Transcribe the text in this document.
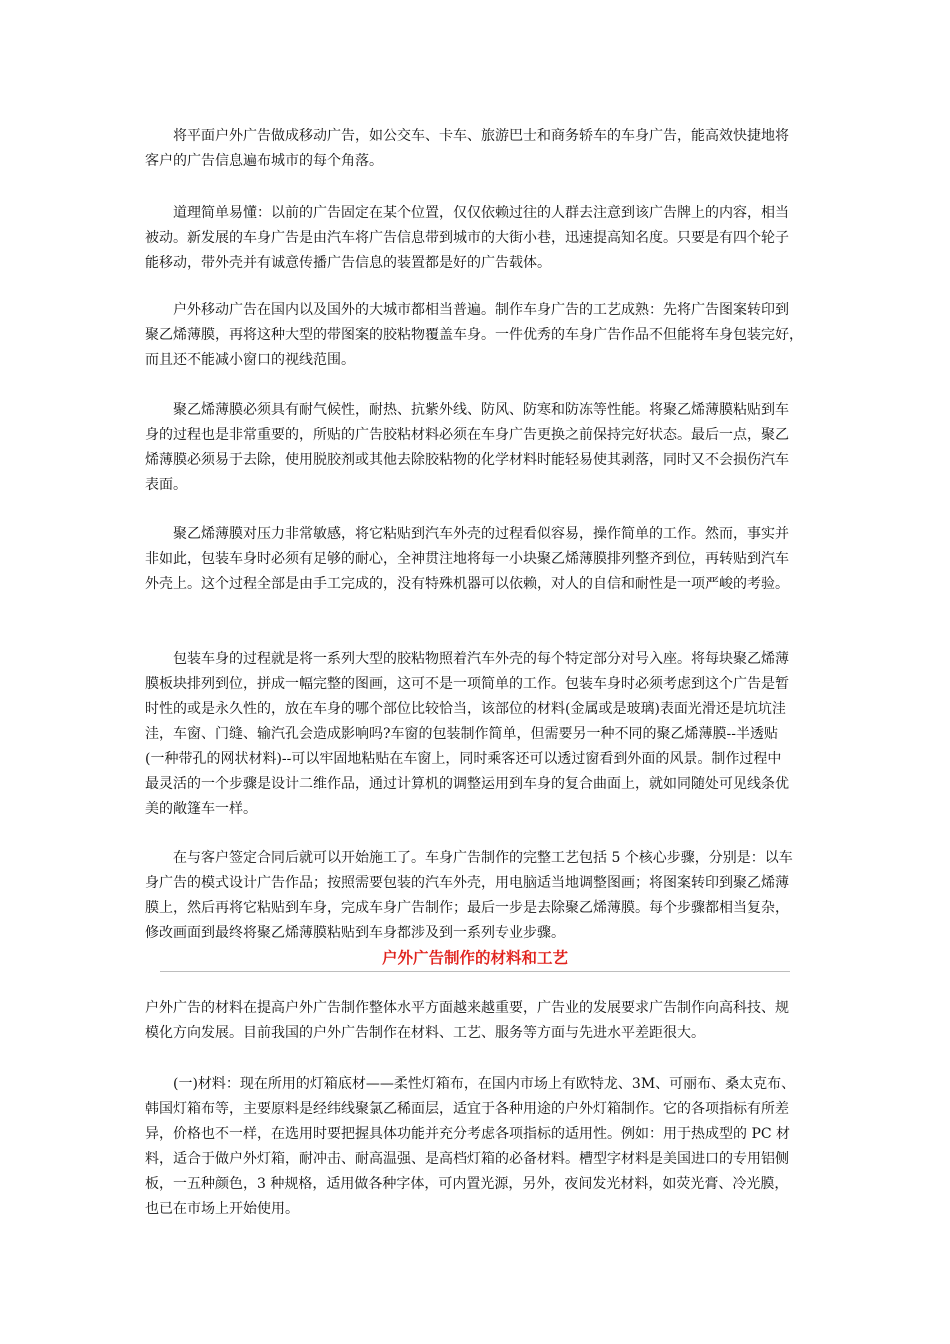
　　将平面户外广告做成移动广告，如公交车、卡车、旅游巴士和商务轿车的车身广告，能高效快捷地将

客户的广告信息遍布城市的每个角落。

　　道理简单易懂：以前的广告固定在某个位置，仅仅依赖过往的人群去注意到该广告牌上的内容，相当

被动。新发展的车身广告是由汽车将广告信息带到城市的大街小巷，迅速提高知名度。只要是有四个轮子

能移动，带外壳并有诚意传播广告信息的装置都是好的广告载体。

　　户外移动广告在国内以及国外的大城市都相当普遍。制作车身广告的工艺成熟：先将广告图案转印到

聚乙烯薄膜，再将这种大型的带图案的胶粘物覆盖车身。一件优秀的车身广告作品不但能将车身包装完好，

而且还不能减小窗口的视线范围。

　　聚乙烯薄膜必须具有耐气候性，耐热、抗紫外线、防风、防寒和防冻等性能。将聚乙烯薄膜粘贴到车

身的过程也是非常重要的，所贴的广告胶粘材料必须在车身广告更换之前保持完好状态。最后一点，聚乙

烯薄膜必须易于去除，使用脱胶剂或其他去除胶粘物的化学材料时能轻易使其剥落，同时又不会损伤汽车

表面。

　　聚乙烯薄膜对压力非常敏感，将它粘贴到汽车外壳的过程看似容易，操作简单的工作。然而，事实并

非如此，包装车身时必须有足够的耐心，全神贯注地将每一小块聚乙烯薄膜排列整齐到位，再转贴到汽车

外壳上。这个过程全部是由手工完成的，没有特殊机器可以依赖，对人的自信和耐性是一项严峻的考验。

　　包装车身的过程就是将一系列大型的胶粘物照着汽车外壳的每个特定部分对号入座。将每块聚乙烯薄

膜板块排列到位，拼成一幅完整的图画，这可不是一项简单的工作。包装车身时必须考虑到这个广告是暂

时性的或是永久性的，放在车身的哪个部位比较恰当，该部位的材料(金属或是玻璃)表面光滑还是坑坑洼

洼，车窗、门缝、输汽孔会造成影响吗?车窗的包装制作简单，但需要另一种不同的聚乙烯薄膜--半透贴

(一种带孔的网状材料)--可以牢固地粘贴在车窗上，同时乘客还可以透过窗看到外面的风景。制作过程中

最灵活的一个步骤是设计二维作品，通过计算机的调整运用到车身的复合曲面上，就如同随处可见线条优

美的敞篷车一样。

　　在与客户签定合同后就可以开始施工了。车身广告制作的完整工艺包括 5 个核心步骤，分别是：以车

身广告的模式设计广告作品；按照需要包装的汽车外壳，用电脑适当地调整图画；将图案转印到聚乙烯薄

膜上，然后再将它粘贴到车身，完成车身广告制作；最后一步是去除聚乙烯薄膜。每个步骤都相当复杂，

修改画面到最终将聚乙烯薄膜粘贴到车身都涉及到一系列专业步骤。

户外广告制作的材料和工艺

户外广告的材料在提高户外广告制作整体水平方面越来越重要，广告业的发展要求广告制作向高科技、规

模化方向发展。目前我国的户外广告制作在材料、工艺、服务等方面与先进水平差距很大。

　　(一)材料：现在所用的灯箱底材——柔性灯箱布，在国内市场上有欧特龙、3M、可丽布、桑太克布、

韩国灯箱布等，主要原料是经纬线聚氯乙稀面层，适宜于各种用途的户外灯箱制作。它的各项指标有所差

异，价格也不一样，在选用时要把握具体功能并充分考虑各项指标的适用性。例如：用于热成型的 PC 材

料，适合于做户外灯箱，耐冲击、耐高温强、是高档灯箱的必备材料。槽型字材料是美国进口的专用铝侧

板，一五种颜色，3 种规格，适用做各种字体，可内置光源，另外，夜间发光材料，如荧光膏、冷光膜，

也已在市场上开始使用。
